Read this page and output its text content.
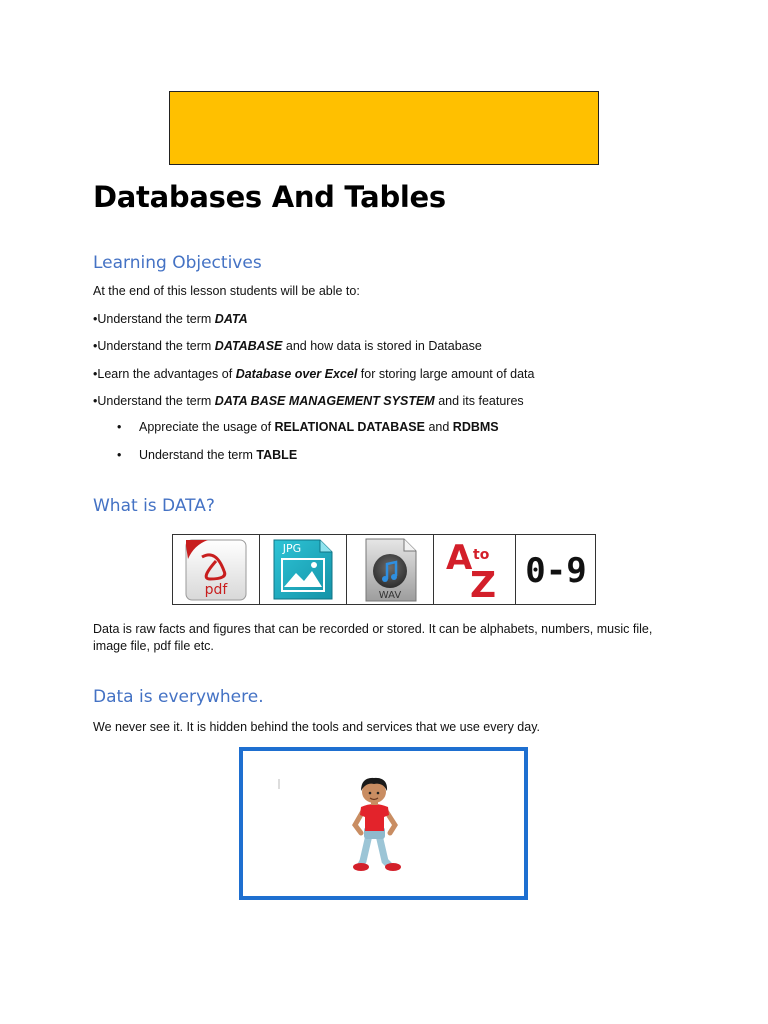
Databases And Tables
Learning Objectives
At the end of this lesson students will be able to:
•Understand the term DATA
•Understand the term DATABASE and how data is stored in Database
•Learn the advantages of Database over Excel for storing large amount of data
•Understand the term DATA BASE MANAGEMENT SYSTEM and its features
• Appreciate the usage of RELATIONAL DATABASE and RDBMS
• Understand the term TABLE
What is DATA?
pdf
JPG
WAV
A to
Z 0-9
Data is raw facts and figures that can be recorded or stored. It can be alphabets, numbers, music file,
image file, pdf file etc.
Data is everywhere.
We never see it. It is hidden behind the tools and services that we use every day.
